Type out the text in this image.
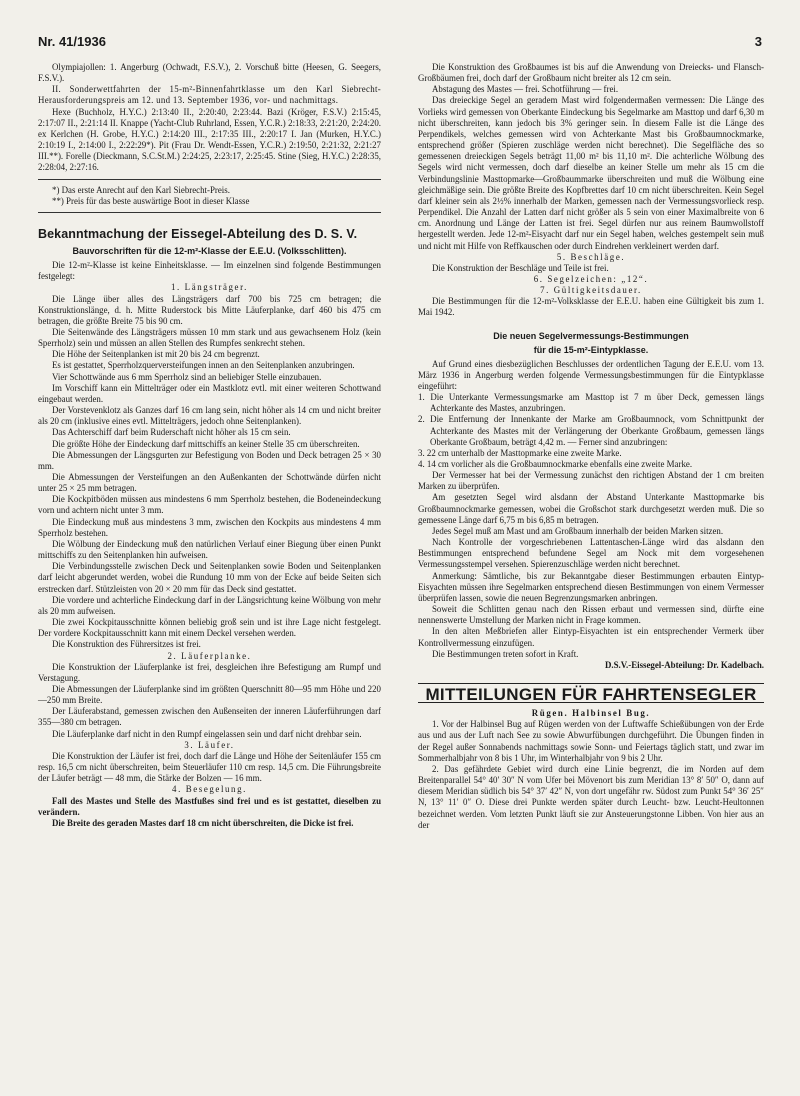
Nr. 41/1936	3

Olympiajollen: 1. Angerburg (Ochwadt, F.S.V.), 2. Vorschuß bitte (Heesen, G. Seegers, F.S.V.).

II. Sonderwettfahrten der 15-m²-Binnenfahrtklasse um den Karl Siebrecht-Herausforderungspreis am 12. und 13. September 1936, vor- und nachmittags.

Hexe (Buchholz, H.Y.C.) 2:13:40 II., 2:20:40, 2:23:44. Bazi (Kröger, F.S.V.) 2:15:45, 2:17:07 II., 2:21:14 II. Knappe (Yacht-Club Ruhrland, Essen, Y.C.R.) 2:18:33, 2:21:20, 2:24:20. ex Kerlchen (H. Grobe, H.Y.C.) 2:14:20 III., 2:17:35 III., 2:20:17 I. Jan (Murken, H.Y.C.) 2:10:19 I., 2:14:00 I., 2:22:29*). Pit (Frau Dr. Wendt-Essen, Y.C.R.) 2:19:50, 2:21:32, 2:21:27 III.**). Forelle (Dieckmann, S.C.St.M.) 2:24:25, 2:23:17, 2:25:45. Stine (Sieg, H.Y.C.) 2:28:35, 2:28:04, 2:27:16.

*) Das erste Anrecht auf den Karl Siebrecht-Preis.

**) Preis für das beste auswärtige Boot in dieser Klasse

Bekanntmachung der Eissegel-Abteilung des D. S. V.
Bauvorschriften für die 12-m²-Klasse der E.E.U. (Volksschlitten).

Die 12-m²-Klasse ist keine Einheitsklasse. — Im einzelnen sind folgende Bestimmungen festgelegt:

1. Längsträger.

Die Länge über alles des Längsträgers darf 700 bis 725 cm betragen; die Konstruktionslänge, d. h. Mitte Ruderstock bis Mitte Läuferplanke, darf 460 bis 475 cm betragen, die größte Breite 75 bis 90 cm.

Die Seitenwände des Längsträgers müssen 10 mm stark und aus gewachsenem Holz (kein Sperrholz) sein und müssen an allen Stellen des Rumpfes senkrecht stehen.

Die Höhe der Seitenplanken ist mit 20 bis 24 cm begrenzt.

Es ist gestattet, Sperrholzquerversteifungen innen an den Seitenplanken anzubringen.

Vier Schottwände aus 6 mm Sperrholz sind an beliebiger Stelle einzubauen.

Im Vorschiff kann ein Mittelträger oder ein Mastklotz evtl. mit einer weiteren Schottwand eingebaut werden.

Der Vorstevenklotz als Ganzes darf 16 cm lang sein, nicht höher als 14 cm und nicht breiter als 20 cm (inklusive eines evtl. Mittelträgers, jedoch ohne Seitenplanken).

Das Achterschiff darf beim Ruderschaft nicht höher als 15 cm sein.

Die größte Höhe der Eindeckung darf mittschiffs an keiner Stelle 35 cm überschreiten.

Die Abmessungen der Längsgurten zur Befestigung von Boden und Deck betragen 25 × 30 mm.

Die Abmessungen der Versteifungen an den Außenkanten der Schottwände dürfen nicht unter 25 × 25 mm betragen.

Die Kockpitböden müssen aus mindestens 6 mm Sperrholz bestehen, die Bodeneindeckung vorn und achtern nicht unter 3 mm.

Die Eindeckung muß aus mindestens 3 mm, zwischen den Kockpits aus mindestens 4 mm Sperrholz bestehen.

Die Wölbung der Eindeckung muß den natürlichen Verlauf einer Biegung über einen Punkt mittschiffs zu den Seitenplanken hin aufweisen.

Die Verbindungsstelle zwischen Deck und Seitenplanken sowie Boden und Seitenplanken darf leicht abgerundet werden, wobei die Rundung 10 mm von der Ecke auf beide Seiten sich erstrecken darf. Stützleisten von 20 × 20 mm für das Deck sind gestattet.

Die vordere und achterliche Eindeckung darf in der Längsrichtung keine Wölbung von mehr als 20 mm aufweisen.

Die zwei Kockpitausschnitte können beliebig groß sein und ist ihre Lage nicht festgelegt. Der vordere Kockpitausschnitt kann mit einem Deckel versehen werden.

Die Konstruktion des Führersitzes ist frei.

2. Läuferplanke.

Die Konstruktion der Läuferplanke ist frei, desgleichen ihre Befestigung am Rumpf und Verstagung.

Die Abmessungen der Läuferplanke sind im größten Querschnitt 80—95 mm Höhe und 220—250 mm Breite.

Der Läuferabstand, gemessen zwischen den Außenseiten der inneren Läuferführungen darf 355—380 cm betragen.

Die Läuferplanke darf nicht in den Rumpf eingelassen sein und darf nicht drehbar sein.

3. Läufer.

Die Konstruktion der Läufer ist frei, doch darf die Länge und Höhe der Seitenläufer 155 cm resp. 16,5 cm nicht überschreiten, beim Steuerläufer 110 cm resp. 14,5 cm. Die Führungsbreite der Läufer beträgt — 48 mm, die Stärke der Bolzen — 16 mm.

4. Besegelung.

Fall des Mastes und Stelle des Mastfußes sind frei und es ist gestattet, dieselben zu verändern.

Die Breite des geraden Mastes darf 18 cm nicht überschreiten, die Dicke ist frei.

Die Konstruktion des Großbaumes ist bis auf die Anwendung von Dreiecks- und Flansch-Großbäumen frei, doch darf der Großbaum nicht breiter als 12 cm sein.

Abstagung des Mastes — frei. Schotführung — frei.

Das dreieckige Segel an geradem Mast wird folgendermaßen vermessen: Die Länge des Vorlieks wird gemessen von Oberkante Eindeckung bis Segelmarke am Masttop und darf 6,30 m nicht überschreiten, kann jedoch bis 3% geringer sein. In diesem Falle ist die Länge des Perpendikels, welches gemessen wird von Achterkante Mast bis Großbaumnockmarke, entsprechend größer (Spieren zuschläge werden nicht berechnet). Die Segelfläche des so gemessenen dreieckigen Segels beträgt 11,00 m² bis 11,10 m². Die achterliche Wölbung des Segels wird nicht vermessen, doch darf dieselbe an keiner Stelle um mehr als 15 cm die Verbindungslinie Masttopmarke—Großbaummarke überschreiten und muß die Wölbung eine gleichmäßige sein. Die größte Breite des Kopfbrettes darf 10 cm nicht überschreiten. Kein Segel darf kleiner sein als 2½% innerhalb der Marken, gemessen nach der Vermessungsvorlieck resp. Perpendikel. Die Anzahl der Latten darf nicht größer als 5 sein von einer Maximalbreite von 6 cm. Anordnung und Länge der Latten ist frei. Segel dürfen nur aus reinem Baumwollstoff hergestellt werden. Jede 12-m²-Eisyacht darf nur ein Segel haben, welches gestempelt sein muß und nicht mit Hilfe von Reffkauschen oder durch Eindrehen verkleinert werden darf.

5. Beschläge.

Die Konstruktion der Beschläge und Teile ist frei.

6. Segelzeichen: „12“.

7. Gültigkeitsdauer.

Die Bestimmungen für die 12-m²-Volksklasse der E.E.U. haben eine Gültigkeit bis zum 1. Mai 1942.

Die neuen Segelvermessungs-Bestimmungen
für die 15-m²-Eintypklasse.

Auf Grund eines diesbezüglichen Beschlusses der ordentlichen Tagung der E.E.U. vom 13. März 1936 in Angerburg werden folgende Vermessungsbestimmungen für die Eintypklasse eingeführt:

1. Die Unterkante Vermessungsmarke am Masttop ist 7 m über Deck, gemessen längs Achterkante des Mastes, anzubringen.
2. Die Entfernung der Innenkante der Marke am Großbaumnock, vom Schnittpunkt der Achterkante des Mastes mit der Verlängerung der Oberkante Großbaum, gemessen längs Oberkante Großbaum, beträgt 4,42 m. — Ferner sind anzubringen:
3. 22 cm unterhalb der Masttopmarke eine zweite Marke.
4. 14 cm vorlicher als die Großbaumnockmarke ebenfalls eine zweite Marke.

Der Vermesser hat bei der Vermessung zunächst den richtigen Abstand der 1 cm breiten Marken zu überprüfen.

Am gesetzten Segel wird alsdann der Abstand Unterkante Masttopmarke bis Großbaumnockmarke gemessen, wobei die Großschot stark durchgesetzt werden muß. Die so gemessene Länge darf 6,75 m bis 6,85 m betragen.

Jedes Segel muß am Mast und am Großbaum innerhalb der beiden Marken sitzen.

Nach Kontrolle der vorgeschriebenen Lattentaschen-Länge wird das alsdann den Bestimmungen entsprechend befundene Segel am Nock mit dem vorgesehenen Vermessungsstempel versehen. Spierenzuschläge werden nicht berechnet.

Anmerkung: Sämtliche, bis zur Bekanntgabe dieser Bestimmungen erbauten Eintyp-Eisyachten müssen ihre Segelmarken entsprechend diesen Bestimmungen von einem Vermesser überprüfen lassen, sowie die neuen Begrenzungsmarken anbringen.

Soweit die Schlitten genau nach den Rissen erbaut und vermessen sind, dürfte eine nennenswerte Umstellung der Marken nicht in Frage kommen.

In den alten Meßbriefen aller Eintyp-Eisyachten ist ein entsprechender Vermerk über Kontrollvermessung einzufügen.

Die Bestimmungen treten sofort in Kraft.

D.S.V.-Eissegel-Abteilung: Dr. Kadelbach.

MITTEILUNGEN FÜR FAHRTENSEGLER

Rügen. Halbinsel Bug.

1. Vor der Halbinsel Bug auf Rügen werden von der Luftwaffe Schießübungen von der Erde aus und aus der Luft nach See zu sowie Abwurfübungen durchgeführt. Die Übungen finden in der Regel außer Sonnabends nachmittags sowie Sonn- und Feiertags täglich statt, und zwar im Sommerhalbjahr von 8 bis 1 Uhr, im Winterhalbjahr von 9 bis 2 Uhr.

2. Das gefährdete Gebiet wird durch eine Linie begrenzt, die im Norden auf dem Breitenparallel 54° 40′ 30″ N vom Ufer bei Mövenort bis zum Meridian 13° 8′ 50″ O, dann auf diesem Meridian südlich bis 54° 37′ 42″ N, von dort ungefähr rw. Südost zum Punkt 54° 36′ 25″ N, 13° 11′ 0″ O. Diese drei Punkte werden später durch Leucht- bzw. Leucht-Heultonnen bezeichnet werden. Vom letzten Punkt läuft sie zur Ansteuerungstonne Libben. Von hier aus an der
